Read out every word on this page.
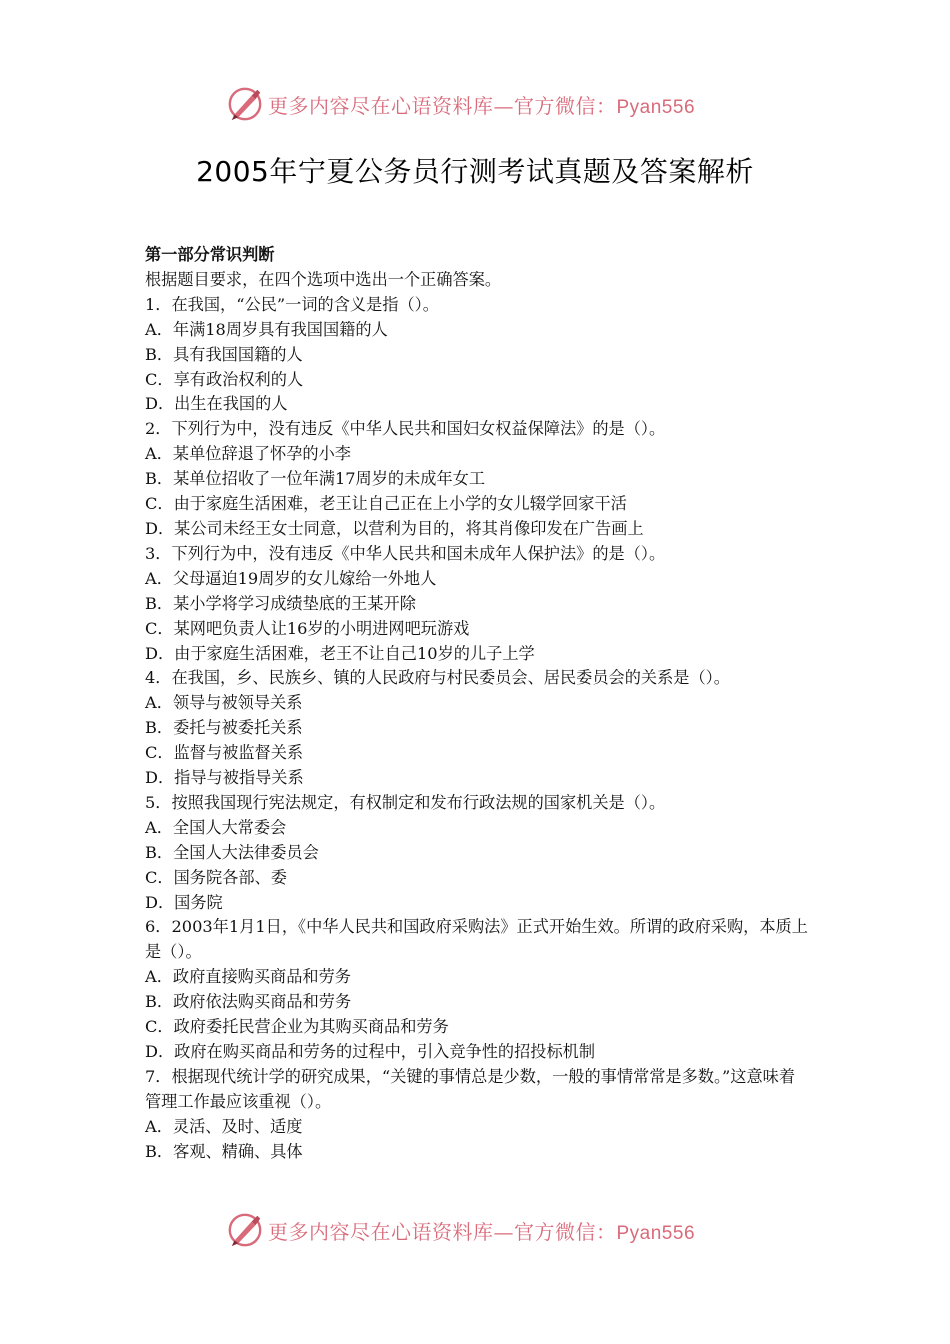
更多内容尽在心语资料库—官方微信：Pyan556
2005年宁夏公务员行测考试真题及答案解析

第一部分常识判断

根据题目要求，在四个选项中选出一个正确答案。

1．在我国，“公民”一词的含义是指（）。

A．年满18周岁具有我国国籍的人

B．具有我国国籍的人

C．享有政治权利的人

D．出生在我国的人

2．下列行为中，没有违反《中华人民共和国妇女权益保障法》的是（）。

A．某单位辞退了怀孕的小李

B．某单位招收了一位年满17周岁的未成年女工

C．由于家庭生活困难，老王让自己正在上小学的女儿辍学回家干活

D．某公司未经王女士同意，以营利为目的，将其肖像印发在广告画上

3．下列行为中，没有违反《中华人民共和国未成年人保护法》的是（）。

A．父母逼迫19周岁的女儿嫁给一外地人

B．某小学将学习成绩垫底的王某开除

C．某网吧负责人让16岁的小明进网吧玩游戏

D．由于家庭生活困难，老王不让自己10岁的儿子上学

4．在我国，乡、民族乡、镇的人民政府与村民委员会、居民委员会的关系是（）。

A．领导与被领导关系

B．委托与被委托关系

C．监督与被监督关系

D．指导与被指导关系

5．按照我国现行宪法规定，有权制定和发布行政法规的国家机关是（）。

A．全国人大常委会

B．全国人大法律委员会

C．国务院各部、委

D．国务院

6．2003年1月1日，《中华人民共和国政府采购法》正式开始生效。所谓的政府采购，本质上是（）。

A．政府直接购买商品和劳务

B．政府依法购买商品和劳务

C．政府委托民营企业为其购买商品和劳务

D．政府在购买商品和劳务的过程中，引入竞争性的招投标机制

7．根据现代统计学的研究成果，“关键的事情总是少数，一般的事情常常是多数。”这意味着管理工作最应该重视（）。

A．灵活、及时、适度

B．客观、精确、具体

更多内容尽在心语资料库—官方微信：Pyan556
